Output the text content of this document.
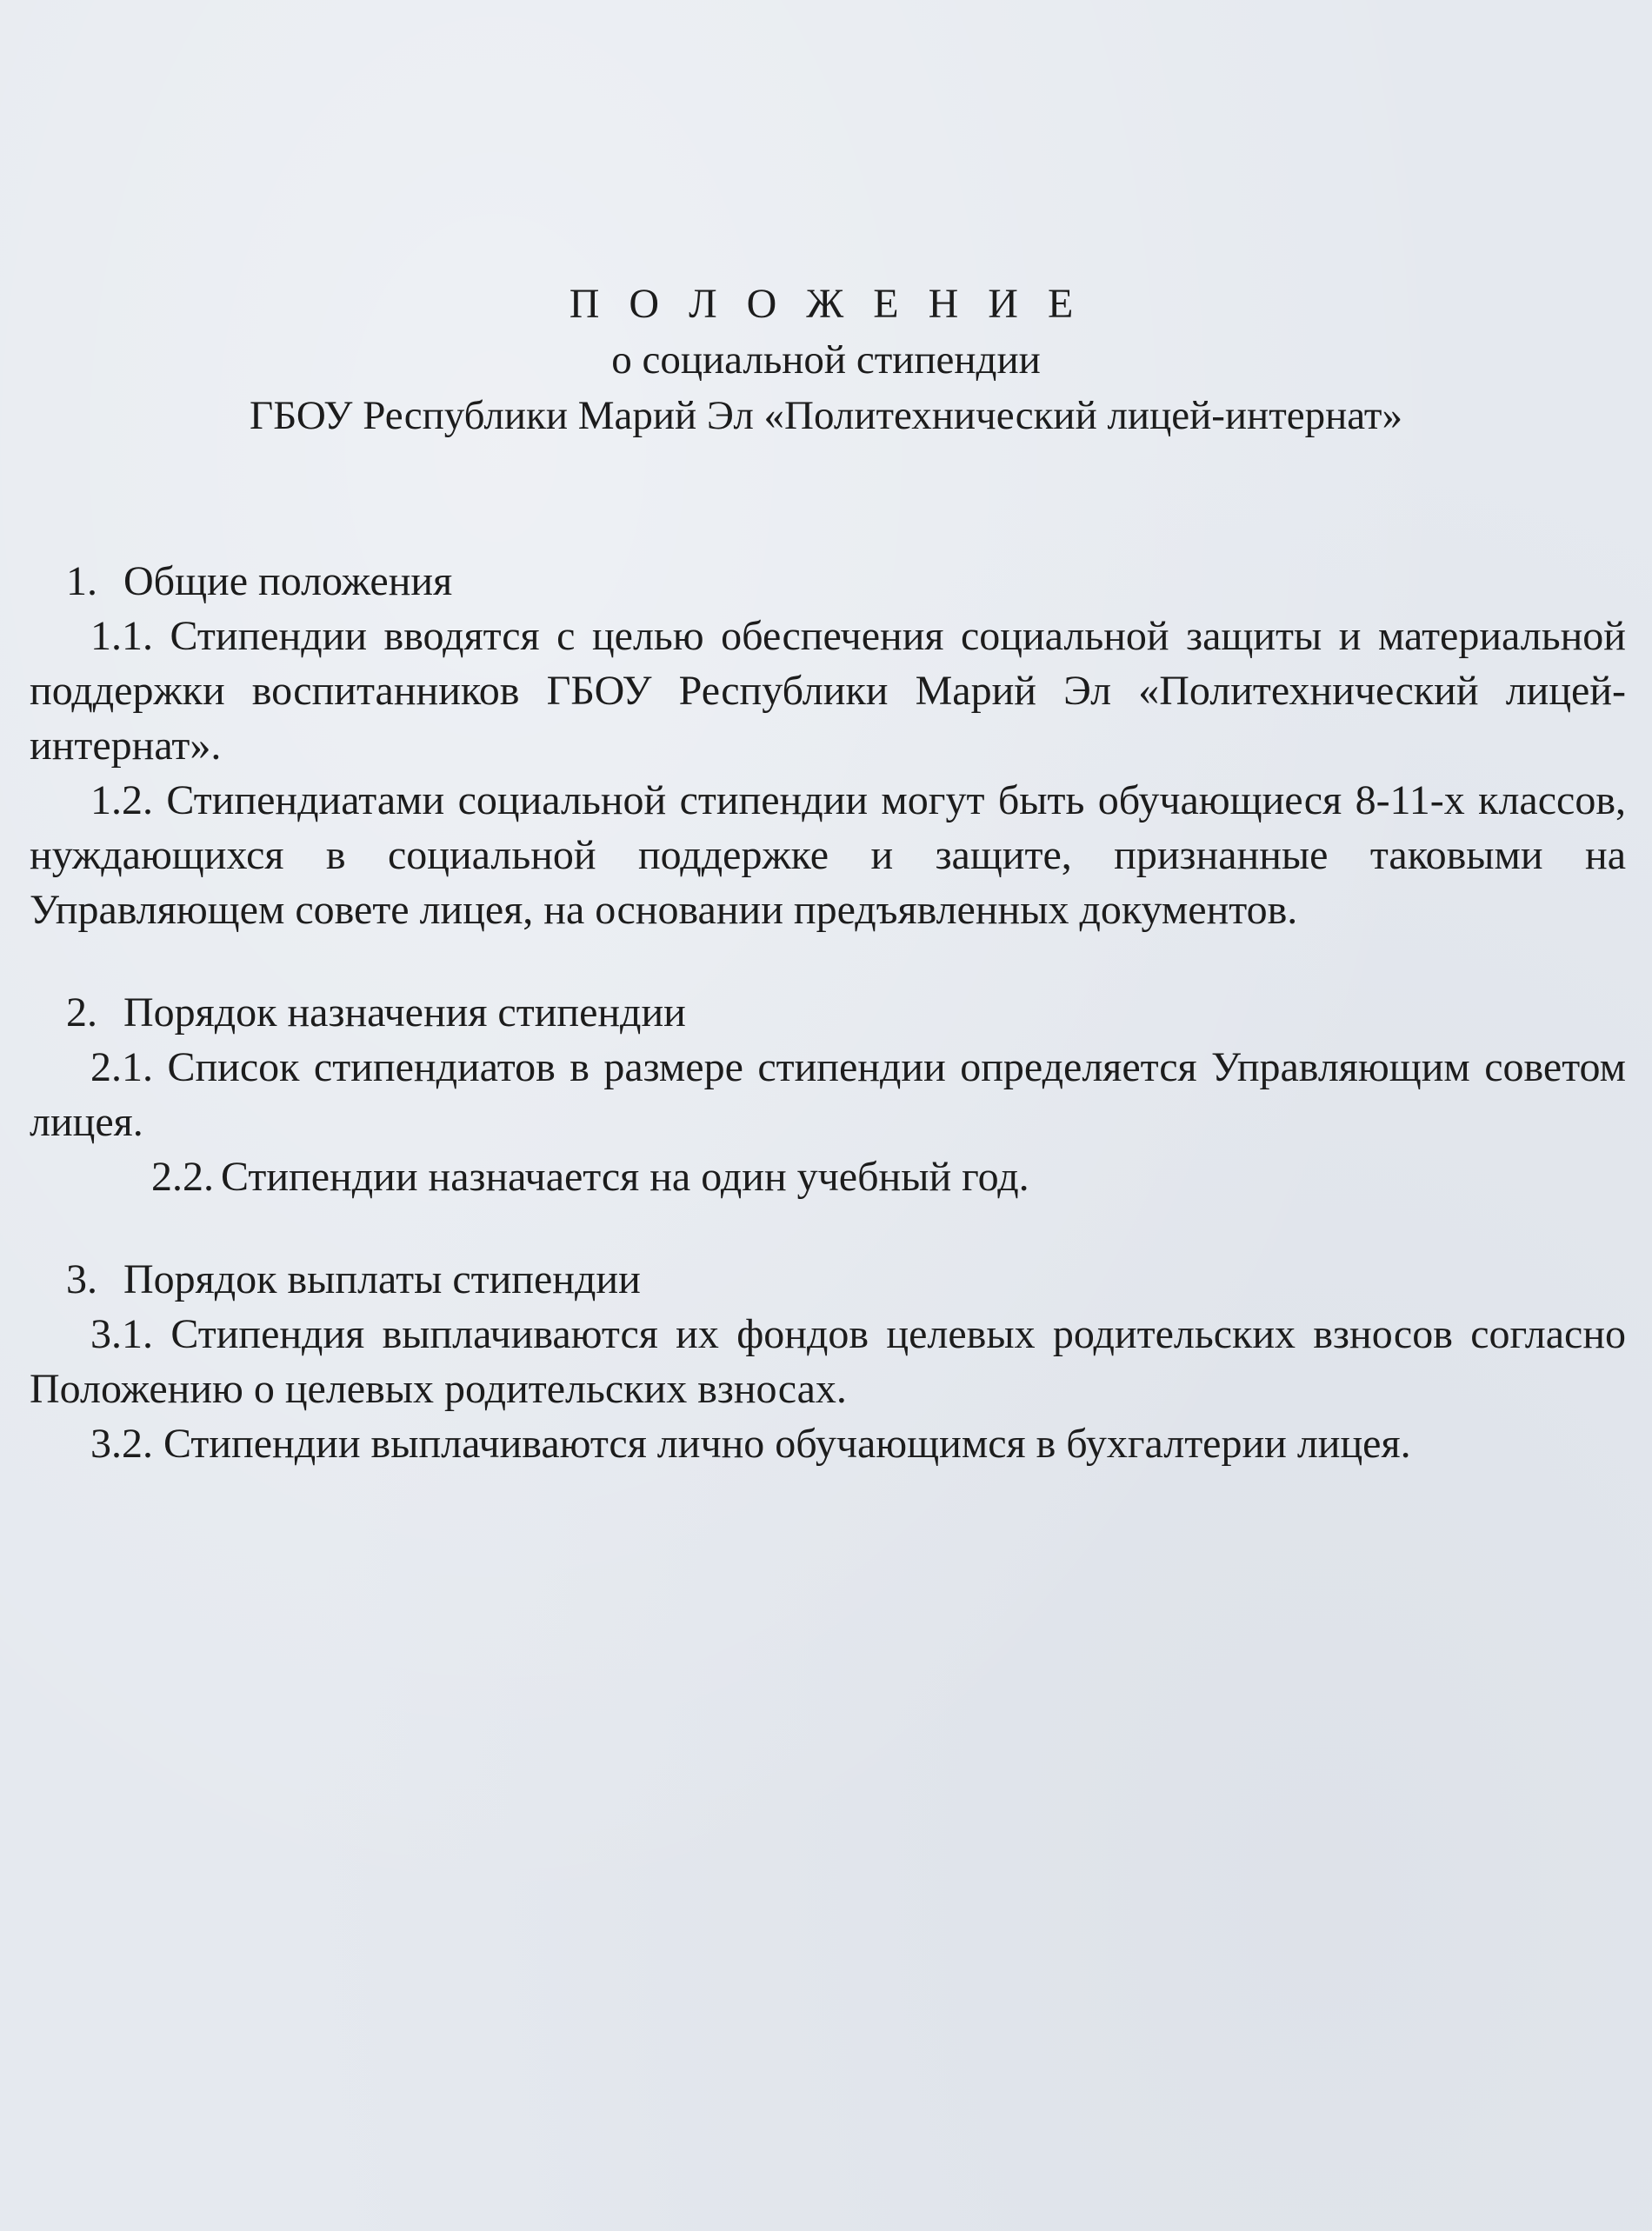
П О Л О Ж Е Н И Е
о социальной стипендии
ГБОУ Республики Марий Эл «Политехнический лицей-интернат»
1. Общие положения
1.1. Стипендии вводятся с целью обеспечения социальной защиты и материальной поддержки воспитанников ГБОУ Республики Марий Эл «Политехнический лицей-интернат».
1.2. Стипендиатами социальной стипендии могут быть обучающиеся 8-11-х классов, нуждающихся в социальной поддержке и защите, признанные таковыми на Управляющем совете лицея, на основании предъявленных документов.
2. Порядок назначения стипендии
2.1. Список стипендиатов в размере стипендии определяется Управляющим советом лицея.
2.2. Стипендии назначается на один учебный год.
3. Порядок выплаты стипендии
3.1. Стипендия выплачиваются их фондов целевых родительских взносов согласно Положению о целевых родительских взносах.
3.2. Стипендии выплачиваются лично обучающимся в бухгалтерии лицея.
